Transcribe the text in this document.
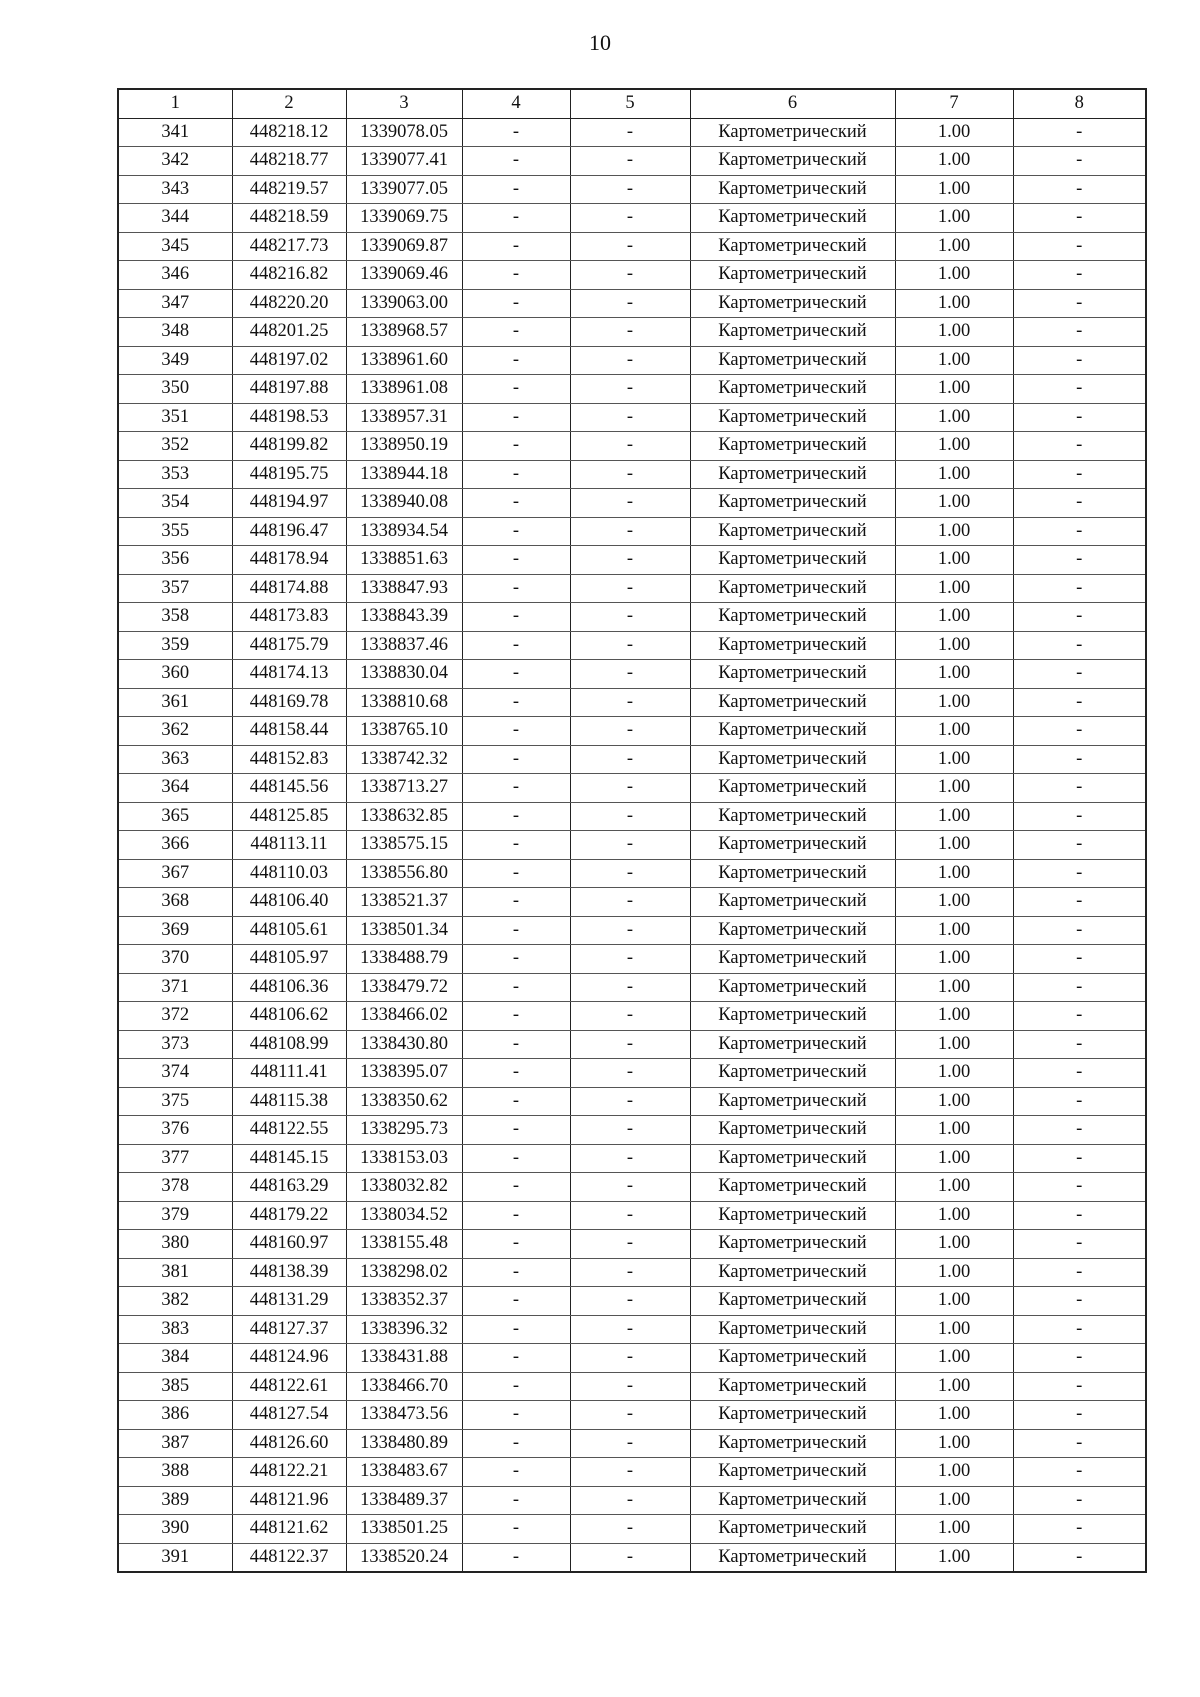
10
1	2	3	4	5	6	7	8
341	448218.12	1339078.05	-	-	Картометрический	1.00	-
342	448218.77	1339077.41	-	-	Картометрический	1.00	-
343	448219.57	1339077.05	-	-	Картометрический	1.00	-
344	448218.59	1339069.75	-	-	Картометрический	1.00	-
345	448217.73	1339069.87	-	-	Картометрический	1.00	-
346	448216.82	1339069.46	-	-	Картометрический	1.00	-
347	448220.20	1339063.00	-	-	Картометрический	1.00	-
348	448201.25	1338968.57	-	-	Картометрический	1.00	-
349	448197.02	1338961.60	-	-	Картометрический	1.00	-
350	448197.88	1338961.08	-	-	Картометрический	1.00	-
351	448198.53	1338957.31	-	-	Картометрический	1.00	-
352	448199.82	1338950.19	-	-	Картометрический	1.00	-
353	448195.75	1338944.18	-	-	Картометрический	1.00	-
354	448194.97	1338940.08	-	-	Картометрический	1.00	-
355	448196.47	1338934.54	-	-	Картометрический	1.00	-
356	448178.94	1338851.63	-	-	Картометрический	1.00	-
357	448174.88	1338847.93	-	-	Картометрический	1.00	-
358	448173.83	1338843.39	-	-	Картометрический	1.00	-
359	448175.79	1338837.46	-	-	Картометрический	1.00	-
360	448174.13	1338830.04	-	-	Картометрический	1.00	-
361	448169.78	1338810.68	-	-	Картометрический	1.00	-
362	448158.44	1338765.10	-	-	Картометрический	1.00	-
363	448152.83	1338742.32	-	-	Картометрический	1.00	-
364	448145.56	1338713.27	-	-	Картометрический	1.00	-
365	448125.85	1338632.85	-	-	Картометрический	1.00	-
366	448113.11	1338575.15	-	-	Картометрический	1.00	-
367	448110.03	1338556.80	-	-	Картометрический	1.00	-
368	448106.40	1338521.37	-	-	Картометрический	1.00	-
369	448105.61	1338501.34	-	-	Картометрический	1.00	-
370	448105.97	1338488.79	-	-	Картометрический	1.00	-
371	448106.36	1338479.72	-	-	Картометрический	1.00	-
372	448106.62	1338466.02	-	-	Картометрический	1.00	-
373	448108.99	1338430.80	-	-	Картометрический	1.00	-
374	448111.41	1338395.07	-	-	Картометрический	1.00	-
375	448115.38	1338350.62	-	-	Картометрический	1.00	-
376	448122.55	1338295.73	-	-	Картометрический	1.00	-
377	448145.15	1338153.03	-	-	Картометрический	1.00	-
378	448163.29	1338032.82	-	-	Картометрический	1.00	-
379	448179.22	1338034.52	-	-	Картометрический	1.00	-
380	448160.97	1338155.48	-	-	Картометрический	1.00	-
381	448138.39	1338298.02	-	-	Картометрический	1.00	-
382	448131.29	1338352.37	-	-	Картометрический	1.00	-
383	448127.37	1338396.32	-	-	Картометрический	1.00	-
384	448124.96	1338431.88	-	-	Картометрический	1.00	-
385	448122.61	1338466.70	-	-	Картометрический	1.00	-
386	448127.54	1338473.56	-	-	Картометрический	1.00	-
387	448126.60	1338480.89	-	-	Картометрический	1.00	-
388	448122.21	1338483.67	-	-	Картометрический	1.00	-
389	448121.96	1338489.37	-	-	Картометрический	1.00	-
390	448121.62	1338501.25	-	-	Картометрический	1.00	-
391	448122.37	1338520.24	-	-	Картометрический	1.00	-
